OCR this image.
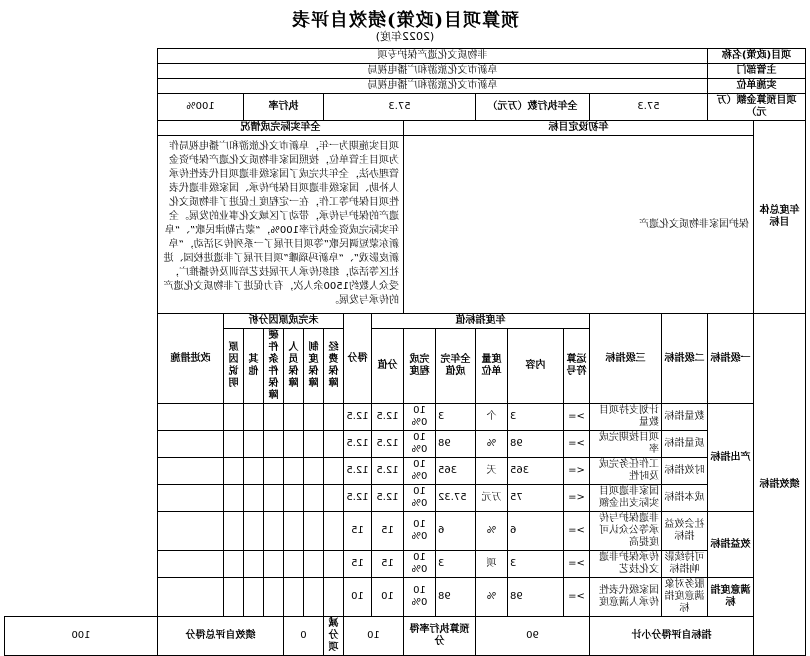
预算项目(政策)绩效自评表
(2022年度)
项目(政策)名称		非物质文化遗产保护专项																
主管部门		阜新市文化旅游和广播电视局																
实施单位		阜新市文化旅游和广播电视局																
项目预算金额（万元）		57.3		全年执行数（万元）			57.3					执行率				100%		
年度总体目标	年初设定目标								全年实际完成情况									
	保护国家非物质文化遗产								项目实施期为一年，阜新市文化旅游和广播电视局作为项目主管单位，按照国家非物质文化遗产保护资金管理办法，全年共完成了国家级非遗项目代表性传承人补助、国家级非遗项目保护传承、国家级非遗代表性项目保护等工作，在一定程度上促进了非物质文化遗产的保护与传承，带动了区域文化事业的发展。全年实际完成资金执行率100%，“蒙古勒津民歌”、“阜新东蒙短调民歌”等项目开展了一系列传习活动，“阜新皮影戏”、“阜新玛瑙雕”项目开展了非遗进校园、进社区等活动，组织传承人开展技艺培训及传播推广，受众人数约1500余人次，有力促进了非物质文化遗产的传承与发展。									
绩效指标	一级指标	二级指标	三级指标	年度指标值						得分	未完成原因分析						改进措施	
				运算符号	内容	度量单位	全年完成值	完成程度	分值		经费保障	制度保障	人员保障	硬件条件保障	其他	原因说明		
	产出指标	数量指标	计划支持项目数量	>=	3	个	3	100%	12.5	12.5								
		质量指标	项目按期完成率	>=	98	%	98	100%	12.5	12.5								
		时效指标	工作任务完成及时性	<=	365	天	365	100%	12.5	12.5								
		成本指标	国家非遗项目实际支出金额	<=	75	万元	57.32	100%	12.5	12.5								
	效益指标	社会效益指标	非遗保护与传承等公众认可度提高	>=	6	%	6	100%	15	15								
		可持续影响指标	传承保护非遗文化技艺	>=	3	项	3	100%	15	15								
	满意度指标	服务对象满意度指标	国家级代表性传承人满意度	>=	98	%	98	100%	10	10								
	指标自评得分小计			90			预算执行率得分		10		减分项	0		绩效自评总得分				100
